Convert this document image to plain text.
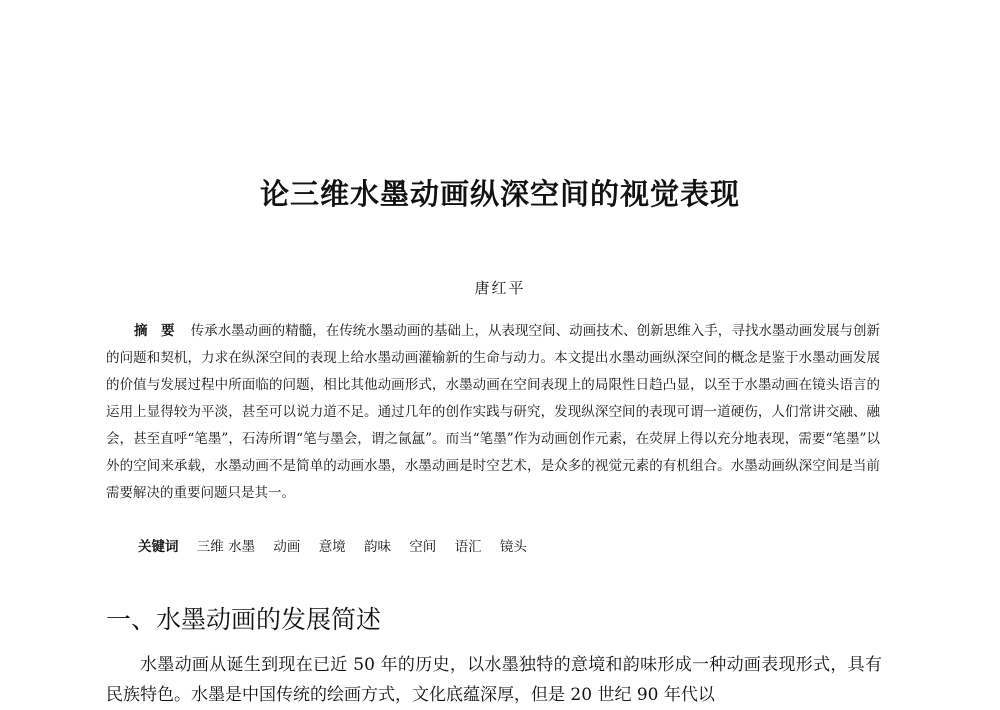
论三维水墨动画纵深空间的视觉表现
唐红平

摘　要 传承水墨动画的精髓，在传统水墨动画的基础上，从表现空间、动画技术、创新思维入手，寻找水墨动画发展与创新的问题和契机，力求在纵深空间的表现上给水墨动画灌输新的生命与动力。本文提出水墨动画纵深空间的概念是鉴于水墨动画发展的价值与发展过程中所面临的问题，相比其他动画形式，水墨动画在空间表现上的局限性日趋凸显，以至于水墨动画在镜头语言的运用上显得较为平淡，甚至可以说力道不足。通过几年的创作实践与研究，发现纵深空间的表现可谓一道硬伤，人们常讲交融、融会，甚至直呼“笔墨”，石涛所谓“笔与墨会，谓之氤氲”。而当“笔墨”作为动画创作元素，在荧屏上得以充分地表现，需要“笔墨”以外的空间来承载，水墨动画不是简单的动画水墨，水墨动画是时空艺术，是众多的视觉元素的有机组合。水墨动画纵深空间是当前需要解决的重要问题只是其一。

关键词 三维 水墨 动画 意境 韵味 空间 语汇 镜头
一、水墨动画的发展简述

水墨动画从诞生到现在已近 50 年的历史，以水墨独特的意境和韵味形成一种动画表现形式，具有民族特色。水墨是中国传统的绘画方式，文化底蕴深厚，但是 20 世纪 90 年代以
